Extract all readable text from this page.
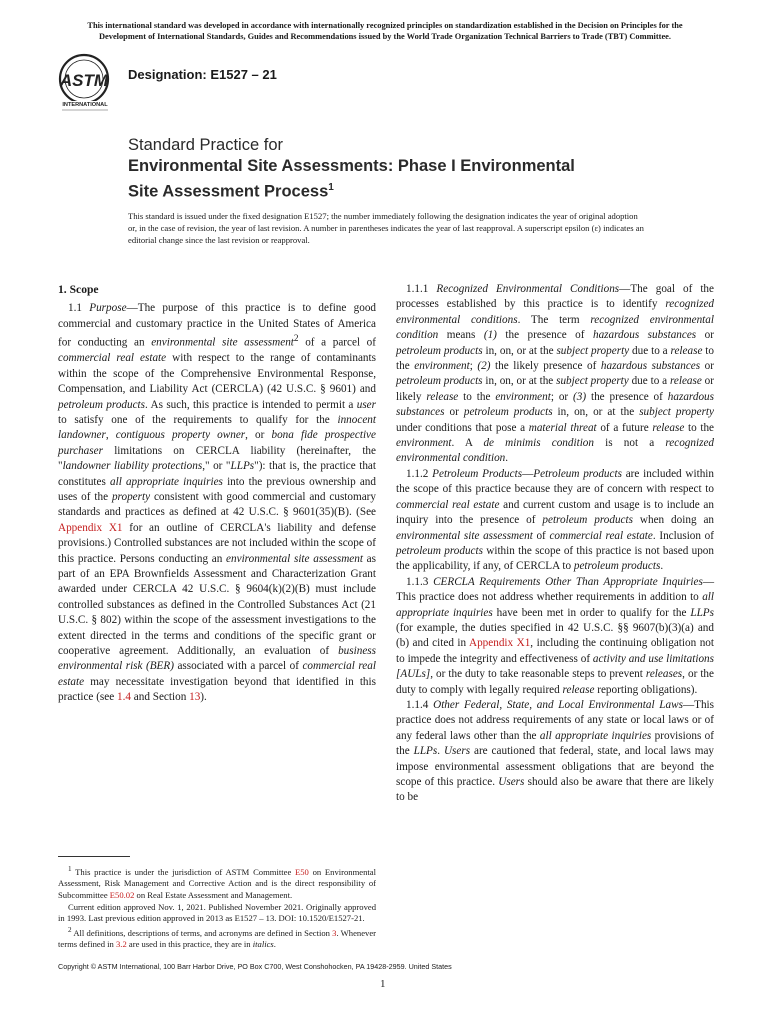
This international standard was developed in accordance with internationally recognized principles on standardization established in the Decision on Principles for the Development of International Standards, Guides and Recommendations issued by the World Trade Organization Technical Barriers to Trade (TBT) Committee.
ASTM
INTERNATIONAL
Designation: E1527 – 21
Standard Practice for
Environmental Site Assessments: Phase I Environmental
Site Assessment Process$^1$
This standard is issued under the fixed designation E1527; the number immediately following the designation indicates the year of original adoption or, in the case of revision, the year of last revision. A number in parentheses indicates the year of last reapproval. A superscript epsilon (ε) indicates an editorial change since the last revision or reapproval.

1. Scope

1.1 Purpose—The purpose of this practice is to define good commercial and customary practice in the United States of America for conducting an environmental site assessment$^2$ of a parcel of commercial real estate with respect to the range of contaminants within the scope of the Comprehensive Environmental Response, Compensation, and Liability Act (CERCLA) (42 U.S.C. § 9601) and petroleum products. As such, this practice is intended to permit a user to satisfy one of the requirements to qualify for the innocent landowner, contiguous property owner, or bona fide prospective purchaser limitations on CERCLA liability (hereinafter, the "landowner liability protections," or "LLPs"): that is, the practice that constitutes all appropriate inquiries into the previous ownership and uses of the property consistent with good commercial and customary standards and practices as defined at 42 U.S.C. § 9601(35)(B). (See Appendix X1 for an outline of CERCLA's liability and defense provisions.) Controlled substances are not included within the scope of this practice. Persons conducting an environmental site assessment as part of an EPA Brownfields Assessment and Characterization Grant awarded under CERCLA 42 U.S.C. § 9604(k)(2)(B) must include controlled substances as defined in the Controlled Substances Act (21 U.S.C. § 802) within the scope of the assessment investigations to the extent directed in the terms and conditions of the specific grant or cooperative agreement. Additionally, an evaluation of business environmental risk (BER) associated with a parcel of commercial real estate may necessitate investigation beyond that identified in this practice (see 1.4 and Section 13).

1.1.1 Recognized Environmental Conditions—The goal of the processes established by this practice is to identify recognized environmental conditions. The term recognized environmental condition means (1) the presence of hazardous substances or petroleum products in, on, or at the subject property due to a release to the environment; (2) the likely presence of hazardous substances or petroleum products in, on, or at the subject property due to a release or likely release to the environment; or (3) the presence of hazardous substances or petroleum products in, on, or at the subject property under conditions that pose a material threat of a future release to the environment. A de minimis condition is not a recognized environmental condition.

1.1.2 Petroleum Products—Petroleum products are included within the scope of this practice because they are of concern with respect to commercial real estate and current custom and usage is to include an inquiry into the presence of petroleum products when doing an environmental site assessment of commercial real estate. Inclusion of petroleum products within the scope of this practice is not based upon the applicability, if any, of CERCLA to petroleum products.

1.1.3 CERCLA Requirements Other Than Appropriate Inquiries—This practice does not address whether requirements in addition to all appropriate inquiries have been met in order to qualify for the LLPs (for example, the duties specified in 42 U.S.C. §§ 9607(b)(3)(a) and (b) and cited in Appendix X1, including the continuing obligation not to impede the integrity and effectiveness of activity and use limitations [AULs], or the duty to take reasonable steps to prevent releases, or the duty to comply with legally required release reporting obligations).

1.1.4 Other Federal, State, and Local Environmental Laws—This practice does not address requirements of any state or local laws or of any federal laws other than the all appropriate inquiries provisions of the LLPs. Users are cautioned that federal, state, and local laws may impose environmental assessment obligations that are beyond the scope of this practice. Users should also be aware that there are likely to be

$^1$ This practice is under the jurisdiction of ASTM Committee E50 on Environmental Assessment, Risk Management and Corrective Action and is the direct responsibility of Subcommittee E50.02 on Real Estate Assessment and Management.

Current edition approved Nov. 1, 2021. Published November 2021. Originally approved in 1993. Last previous edition approved in 2013 as E1527 – 13. DOI: 10.1520/E1527-21.

$^2$ All definitions, descriptions of terms, and acronyms are defined in Section 3. Whenever terms defined in 3.2 are used in this practice, they are in italics.

Copyright © ASTM International, 100 Barr Harbor Drive, PO Box C700, West Conshohocken, PA 19428-2959. United States
1
